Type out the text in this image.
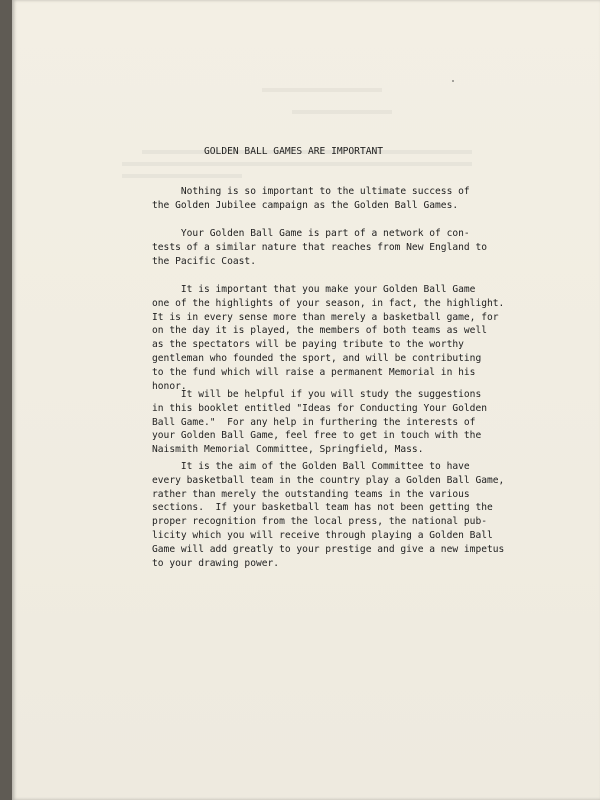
GOLDEN BALL GAMES ARE IMPORTANT
Nothing is so important to the ultimate success of
the Golden Jubilee campaign as the Golden Ball Games.
Your Golden Ball Game is part of a network of con-
tests of a similar nature that reaches from New England to
the Pacific Coast.
It is important that you make your Golden Ball Game
one of the highlights of your season, in fact, the highlight.
It is in every sense more than merely a basketball game, for
on the day it is played, the members of both teams as well
as the spectators will be paying tribute to the worthy
gentleman who founded the sport, and will be contributing
to the fund which will raise a permanent Memorial in his
honor.
It will be helpful if you will study the suggestions
in this booklet entitled "Ideas for Conducting Your Golden
Ball Game."  For any help in furthering the interests of
your Golden Ball Game, feel free to get in touch with the
Naismith Memorial Committee, Springfield, Mass.
It is the aim of the Golden Ball Committee to have
every basketball team in the country play a Golden Ball Game,
rather than merely the outstanding teams in the various
sections.  If your basketball team has not been getting the
proper recognition from the local press, the national pub-
licity which you will receive through playing a Golden Ball
Game will add greatly to your prestige and give a new impetus
to your drawing power.
